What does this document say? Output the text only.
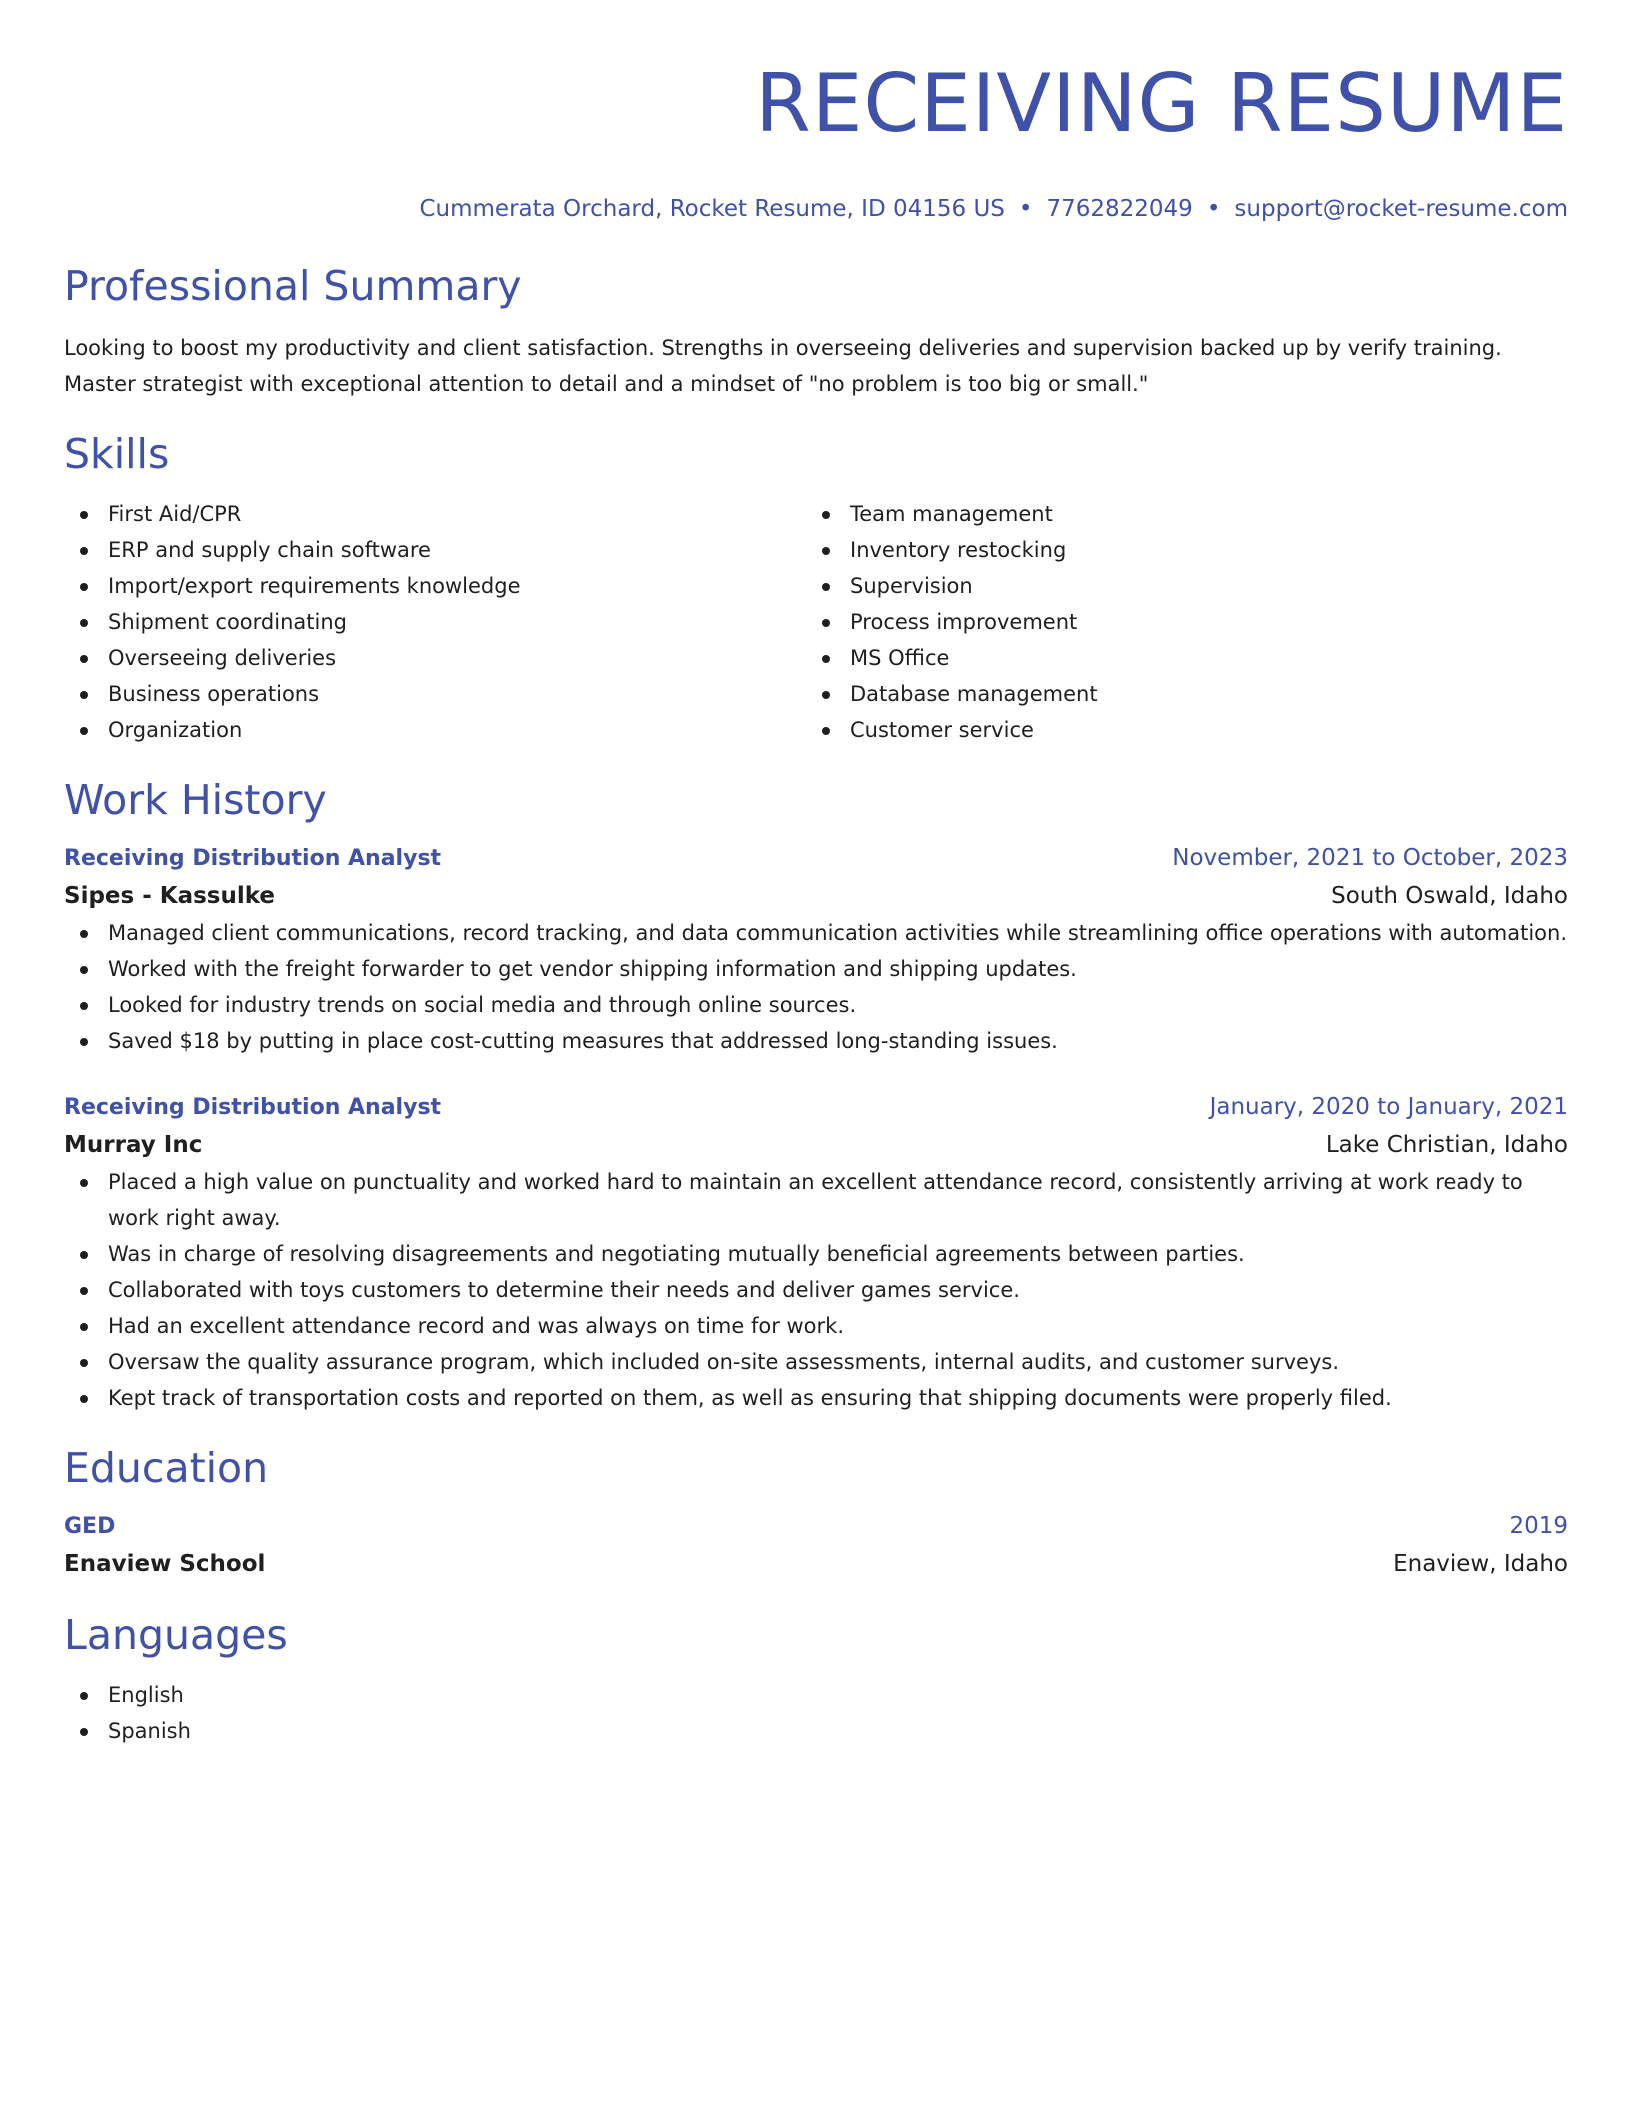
RECEIVING RESUME
Cummerata Orchard, Rocket Resume, ID 04156 US • 7762822049 • support@rocket-resume.com
Professional Summary

Looking to boost my productivity and client satisfaction. Strengths in overseeing deliveries and supervision backed up by verify training. Master strategist with exceptional attention to detail and a mindset of "no problem is too big or small."

Skills
First Aid/CPR
ERP and supply chain software
Import/export requirements knowledge
Shipment coordinating
Overseeing deliveries
Business operations
Organization
Team management
Inventory restocking
Supervision
Process improvement
MS Office
Database management
Customer service
Work History
Receiving Distribution Analyst	November, 2021 to October, 2023
Sipes - Kassulke	South Oswald, Idaho
Managed client communications, record tracking, and data communication activities while streamlining office operations with automation.
Worked with the freight forwarder to get vendor shipping information and shipping updates.
Looked for industry trends on social media and through online sources.
Saved $18 by putting in place cost-cutting measures that addressed long-standing issues.
Receiving Distribution Analyst	January, 2020 to January, 2021
Murray Inc	Lake Christian, Idaho
Placed a high value on punctuality and worked hard to maintain an excellent attendance record, consistently arriving at work ready to work right away.
Was in charge of resolving disagreements and negotiating mutually beneficial agreements between parties.
Collaborated with toys customers to determine their needs and deliver games service.
Had an excellent attendance record and was always on time for work.
Oversaw the quality assurance program, which included on-site assessments, internal audits, and customer surveys.
Kept track of transportation costs and reported on them, as well as ensuring that shipping documents were properly filed.
Education
GED	2019
Enaview School	Enaview, Idaho
Languages
English
Spanish
